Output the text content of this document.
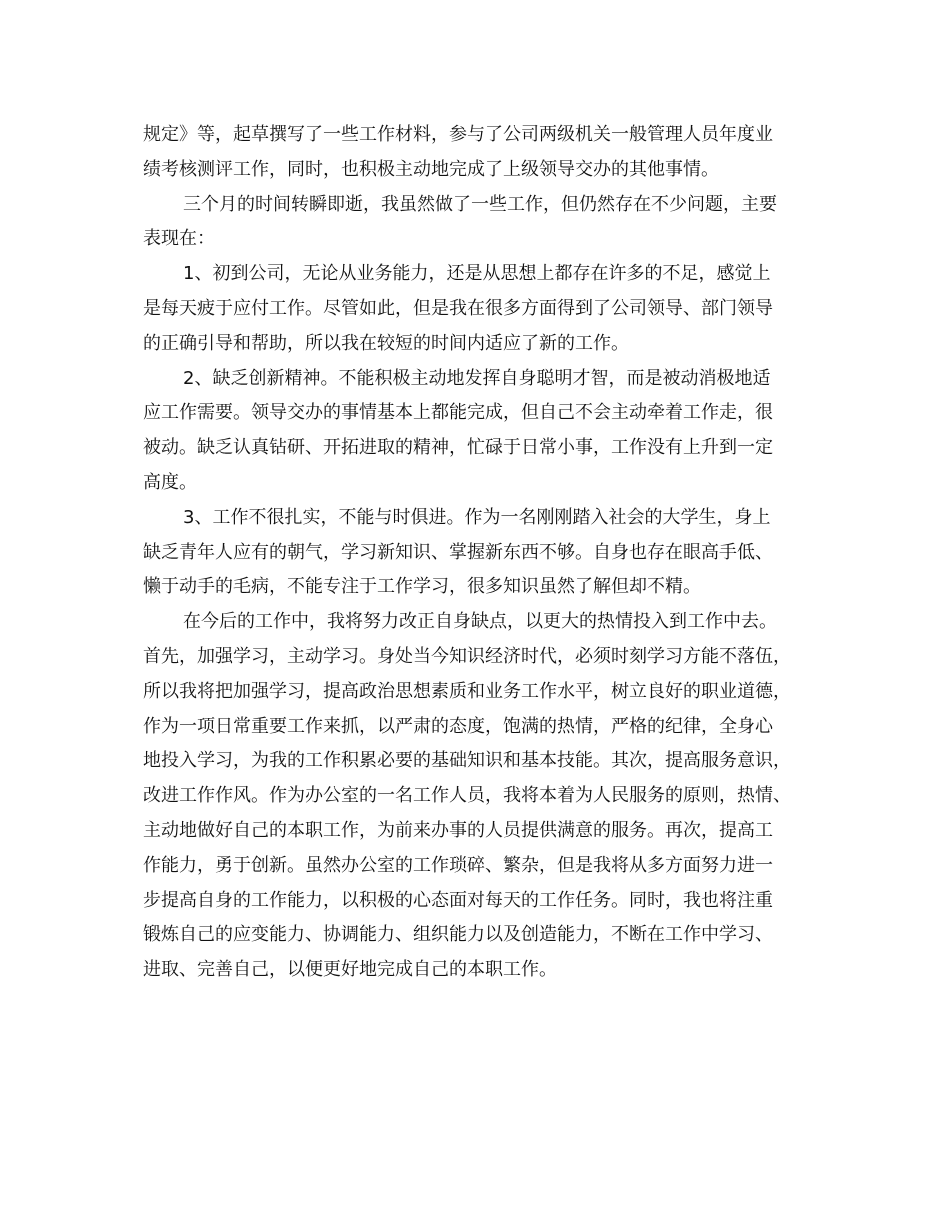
规定》等，起草撰写了一些工作材料，参与了公司两级机关一般管理人员年度业
绩考核测评工作，同时，也积极主动地完成了上级领导交办的其他事情。
三个月的时间转瞬即逝，我虽然做了一些工作，但仍然存在不少问题，主要
表现在：
1、初到公司，无论从业务能力，还是从思想上都存在许多的不足，感觉上
是每天疲于应付工作。尽管如此，但是我在很多方面得到了公司领导、部门领导
的正确引导和帮助，所以我在较短的时间内适应了新的工作。
2、缺乏创新精神。不能积极主动地发挥自身聪明才智，而是被动消极地适
应工作需要。领导交办的事情基本上都能完成，但自己不会主动牵着工作走，很
被动。缺乏认真钻研、开拓进取的精神，忙碌于日常小事，工作没有上升到一定
高度。
3、工作不很扎实，不能与时俱进。作为一名刚刚踏入社会的大学生，身上
缺乏青年人应有的朝气，学习新知识、掌握新东西不够。自身也存在眼高手低、
懒于动手的毛病，不能专注于工作学习，很多知识虽然了解但却不精。
在今后的工作中，我将努力改正自身缺点，以更大的热情投入到工作中去。
首先，加强学习，主动学习。身处当今知识经济时代，必须时刻学习方能不落伍，
所以我将把加强学习，提高政治思想素质和业务工作水平，树立良好的职业道德，
作为一项日常重要工作来抓，以严肃的态度，饱满的热情，严格的纪律，全身心
地投入学习，为我的工作积累必要的基础知识和基本技能。其次，提高服务意识，
改进工作作风。作为办公室的一名工作人员，我将本着为人民服务的原则，热情、
主动地做好自己的本职工作，为前来办事的人员提供满意的服务。再次，提高工
作能力，勇于创新。虽然办公室的工作琐碎、繁杂，但是我将从多方面努力进一
步提高自身的工作能力，以积极的心态面对每天的工作任务。同时，我也将注重
锻炼自己的应变能力、协调能力、组织能力以及创造能力，不断在工作中学习、
进取、完善自己，以便更好地完成自己的本职工作。
